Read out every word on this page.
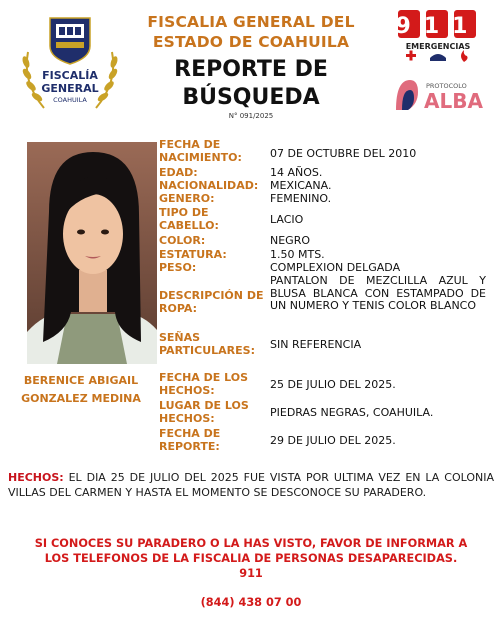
FISCALÍA
GENERAL
COAHUILA
FISCALIA GENERAL DEL
ESTADO DE COAHUILA
REPORTE DE
BÚSQUEDA
N° 091/2025
911
EMERGENCIAS
PROTOCOLO
ALBA
BERENICE ABIGAIL
GONZALEZ MEDINA
FECHA DE
NACIMIENTO:	07 DE OCTUBRE DEL 2010
EDAD:	14 AÑOS.
NACIONALIDAD:	MEXICANA.
GENERO:	FEMENINO.
TIPO DE
CABELLO:	LACIO
COLOR:	NEGRO
ESTATURA:	1.50 MTS.
PESO:	COMPLEXION DELGADA
DESCRIPCIÓN DE
ROPA:
PANTALON DE MEZCLILLA AZUL Y BLUSA BLANCA CON ESTAMPADO DE UN NUMERO Y TENIS COLOR BLANCO
SEÑAS
PARTICULARES:	SIN REFERENCIA
FECHA DE LOS
HECHOS:	25 DE JULIO DEL 2025.
LUGAR DE LOS
HECHOS:	PIEDRAS NEGRAS, COAHUILA.
FECHA DE
REPORTE:	29 DE JULIO DEL 2025.
HECHOS: EL DIA 25 DE JULIO DEL 2025 FUE VISTA POR ULTIMA VEZ EN LA COLONIA VILLAS DEL CARMEN Y HASTA EL MOMENTO SE DESCONOCE SU PARADERO.
SI CONOCES SU PARADERO O LA HAS VISTO, FAVOR DE INFORMAR A
LOS TELEFONOS DE LA FISCALIA DE PERSONAS DESAPARECIDAS.
911
(844) 438 07 00
